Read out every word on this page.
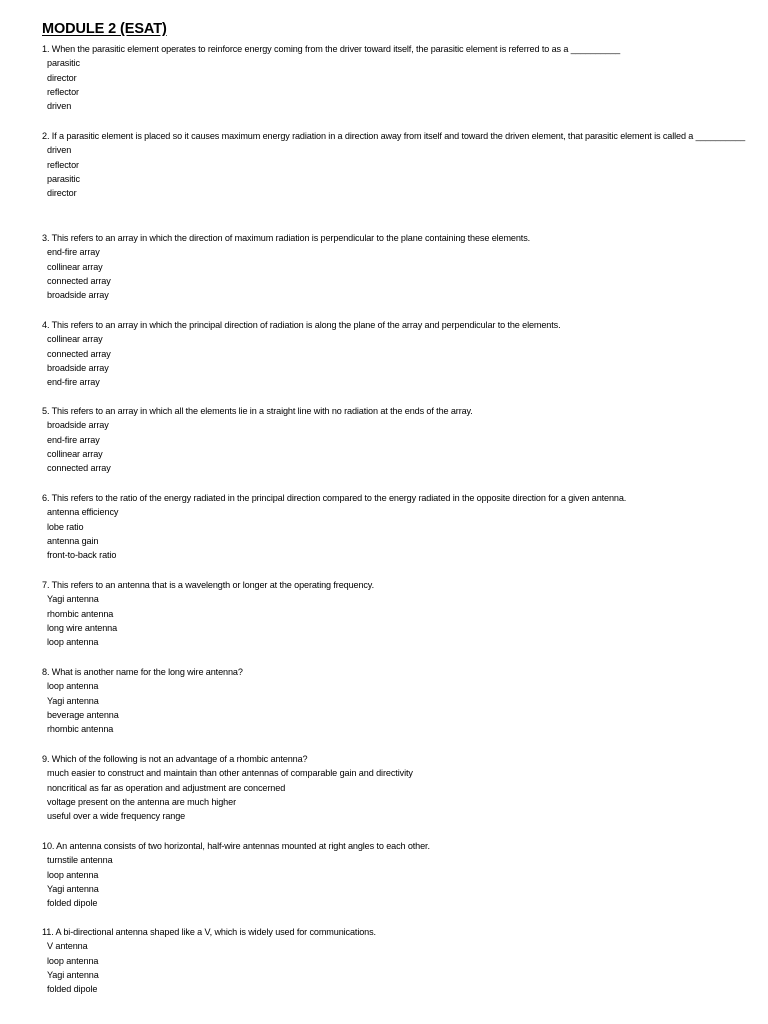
MODULE 2 (ESAT)
1. When the parasitic element operates to reinforce energy coming from the driver toward itself, the parasitic element is referred to as a __________
parasitic
director
reflector
driven
2. If a parasitic element is placed so it causes maximum energy radiation in a direction away from itself and toward the driven element, that parasitic element is called a __________
driven
reflector
parasitic
director
3. This refers to an array in which the direction of maximum radiation is perpendicular to the plane containing these elements.
end-fire array
collinear array
connected array
broadside array
4. This refers to an array in which the principal direction of radiation is along the plane of the array and perpendicular to the elements.
collinear array
connected array
broadside array
end-fire array
5. This refers to an array in which all the elements lie in a straight line with no radiation at the ends of the array.
broadside array
end-fire array
collinear array
connected array
6. This refers to the ratio of the energy radiated in the principal direction compared to the energy radiated in the opposite direction for a given antenna.
antenna efficiency
lobe ratio
antenna gain
front-to-back ratio
7. This refers to an antenna that is a wavelength or longer at the operating frequency.
Yagi antenna
rhombic antenna
long wire antenna
loop antenna
8. What is another name for the long wire antenna?
loop antenna
Yagi antenna
beverage antenna
rhombic antenna
9. Which of the following is not an advantage of a rhombic antenna?
much easier to construct and maintain than other antennas of comparable gain and directivity
noncritical as far as operation and adjustment are concerned
voltage present on the antenna are much higher
useful over a wide frequency range
10. An antenna consists of two horizontal, half-wire antennas mounted at right angles to each other.
turnstile antenna
loop antenna
Yagi antenna
folded dipole
11. A bi-directional antenna shaped like a V, which is widely used for communications.
V antenna
loop antenna
Yagi antenna
folded dipole
